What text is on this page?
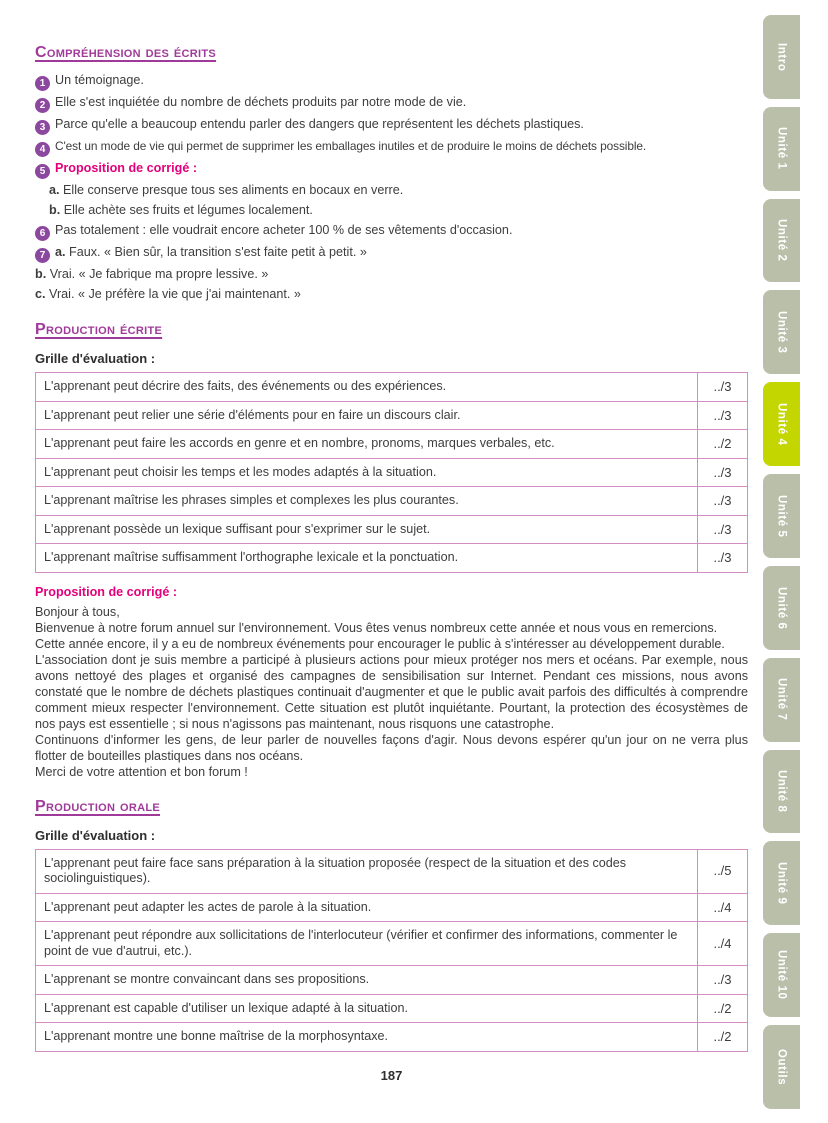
Compréhension des écrits
1 Un témoignage.
2 Elle s'est inquiétée du nombre de déchets produits par notre mode de vie.
3 Parce qu'elle a beaucoup entendu parler des dangers que représentent les déchets plastiques.
4 C'est un mode de vie qui permet de supprimer les emballages inutiles et de produire le moins de déchets possible.
5 Proposition de corrigé :
a. Elle conserve presque tous ses aliments en bocaux en verre.
b. Elle achète ses fruits et légumes localement.
6 Pas totalement : elle voudrait encore acheter 100 % de ses vêtements d'occasion.
7 a. Faux. « Bien sûr, la transition s'est faite petit à petit. »
b. Vrai. « Je fabrique ma propre lessive. »
c. Vrai. « Je préfère la vie que j'ai maintenant. »
Production écrite
Grille d'évaluation :
L'apprenant peut décrire des faits, des événements ou des expériences.	../3
L'apprenant peut relier une série d'éléments pour en faire un discours clair.	../3
L'apprenant peut faire les accords en genre et en nombre, pronoms, marques verbales, etc.	../2
L'apprenant peut choisir les temps et les modes adaptés à la situation.	../3
L'apprenant maîtrise les phrases simples et complexes les plus courantes.	../3
L'apprenant possède un lexique suffisant pour s'exprimer sur le sujet.	../3
L'apprenant maîtrise suffisamment l'orthographe lexicale et la ponctuation.	../3
Proposition de corrigé :

Bonjour à tous,

Bienvenue à notre forum annuel sur l'environnement. Vous êtes venus nombreux cette année et nous vous en remercions.

Cette année encore, il y a eu de nombreux événements pour encourager le public à s'intéresser au développement durable.

L'association dont je suis membre a participé à plusieurs actions pour mieux protéger nos mers et océans. Par exemple, nous avons nettoyé des plages et organisé des campagnes de sensibilisation sur Internet. Pendant ces missions, nous avons constaté que le nombre de déchets plastiques continuait d'augmenter et que le public avait parfois des difficultés à comprendre comment mieux respecter l'environnement. Cette situation est plutôt inquiétante. Pourtant, la protection des écosystèmes de nos pays est essentielle ; si nous n'agissons pas maintenant, nous risquons une catastrophe.

Continuons d'informer les gens, de leur parler de nouvelles façons d'agir. Nous devons espérer qu'un jour on ne verra plus flotter de bouteilles plastiques dans nos océans.

Merci de votre attention et bon forum !

Production orale
Grille d'évaluation :
L'apprenant peut faire face sans préparation à la situation proposée (respect de la situation et des codes sociolinguistiques).	../5
L'apprenant peut adapter les actes de parole à la situation.	../4
L'apprenant peut répondre aux sollicitations de l'interlocuteur (vérifier et confirmer des informations, commenter le point de vue d'autrui, etc.).	../4
L'apprenant se montre convaincant dans ses propositions.	../3
L'apprenant est capable d'utiliser un lexique adapté à la situation.	../2
L'apprenant montre une bonne maîtrise de la morphosyntaxe.	../2
187
Intro
Unité 1
Unité 2
Unité 3
Unité 4
Unité 5
Unité 6
Unité 7
Unité 8
Unité 9
Unité 10
Outils
